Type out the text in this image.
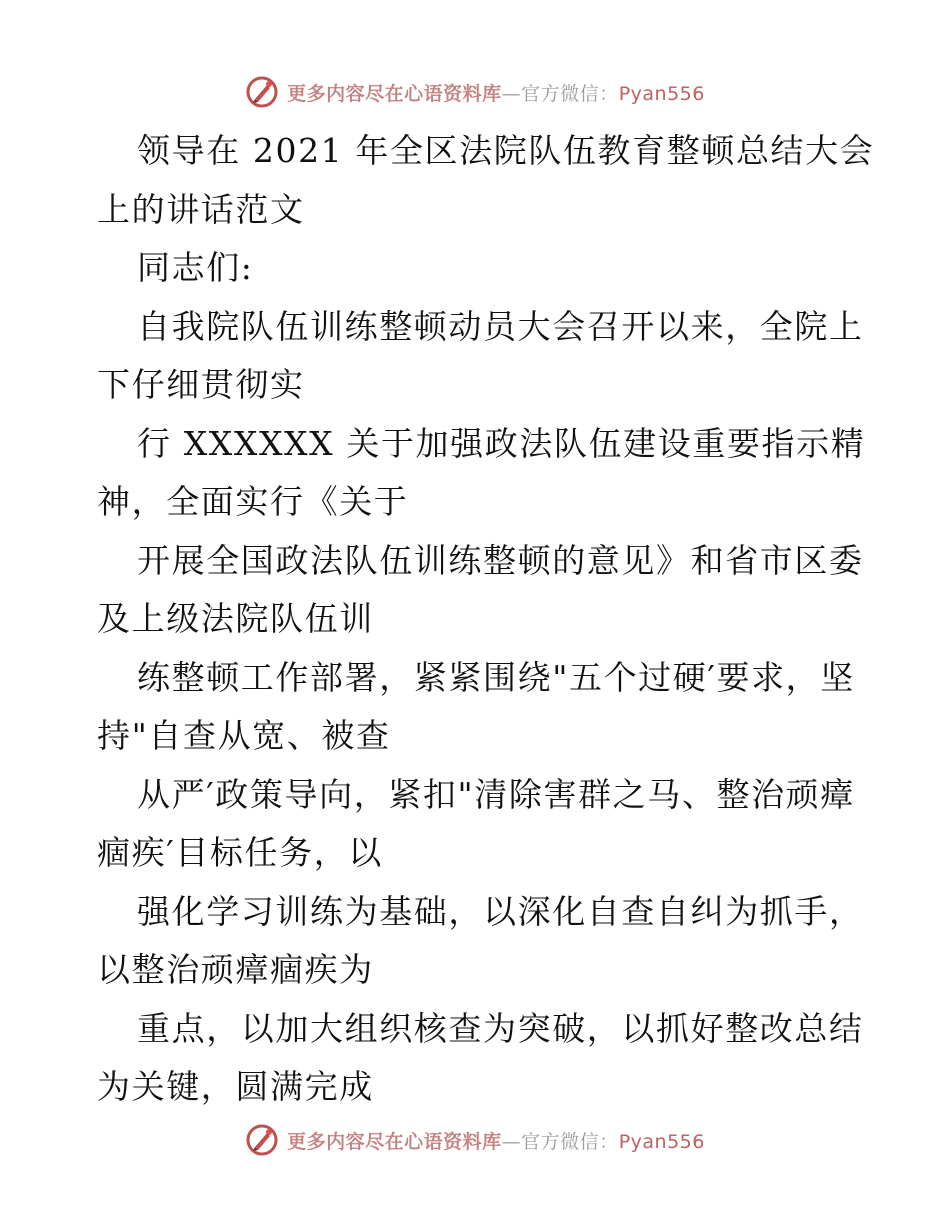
更多内容尽在心语资料库—官方微信：Pyan556
领导在 2021 年全区法院队伍教育整顿总结大会
上的讲话范文
同志们:
自我院队伍训练整顿动员大会召开以来，全院上
下仔细贯彻实
行 XXXXXX 关于加强政法队伍建设重要指示精
神，全面实行《关于
开展全国政法队伍训练整顿的意见》和省市区委
及上级法院队伍训
练整顿工作部署，紧紧围绕"五个过硬′要求，坚
持"自查从宽、被查
从严′政策导向，紧扣"清除害群之马、整治顽瘴
痼疾′目标任务，以
强化学习训练为基础，以深化自查自纠为抓手，
以整治顽瘴痼疾为
重点，以加大组织核查为突破，以抓好整改总结
为关键，圆满完成
更多内容尽在心语资料库—官方微信：Pyan556
